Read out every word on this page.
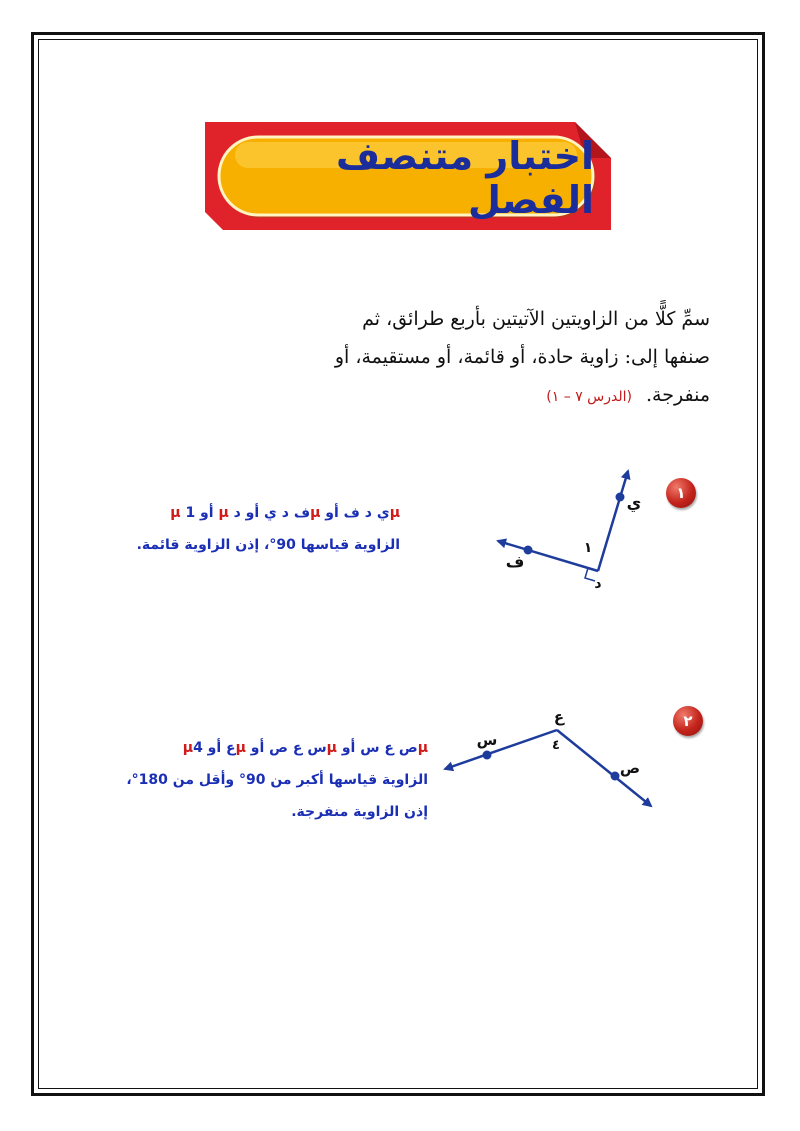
اختبار متنصف الفصل
سمِّ كلًّا من الزاويتين الآتيتين بأربع طرائق، ثم
صنفها إلى: زاوية حادة، أو قائمة، أو مستقيمة، أو
منفرجة.(الدرس ٧ – ١)
١
٢
د
ي
ف
١
ع
س
ص
٤
µي د ف أو µف د ي أو د µ أو µ 1
الزاوية قياسها 90°، إذن الزاوية قائمة.
µص ع س أو µس ع ص أو µع أو µ4
الزاوية قياسها أكبر من 90° وأقل من 180°،
إذن الزاوية منفرجة.
